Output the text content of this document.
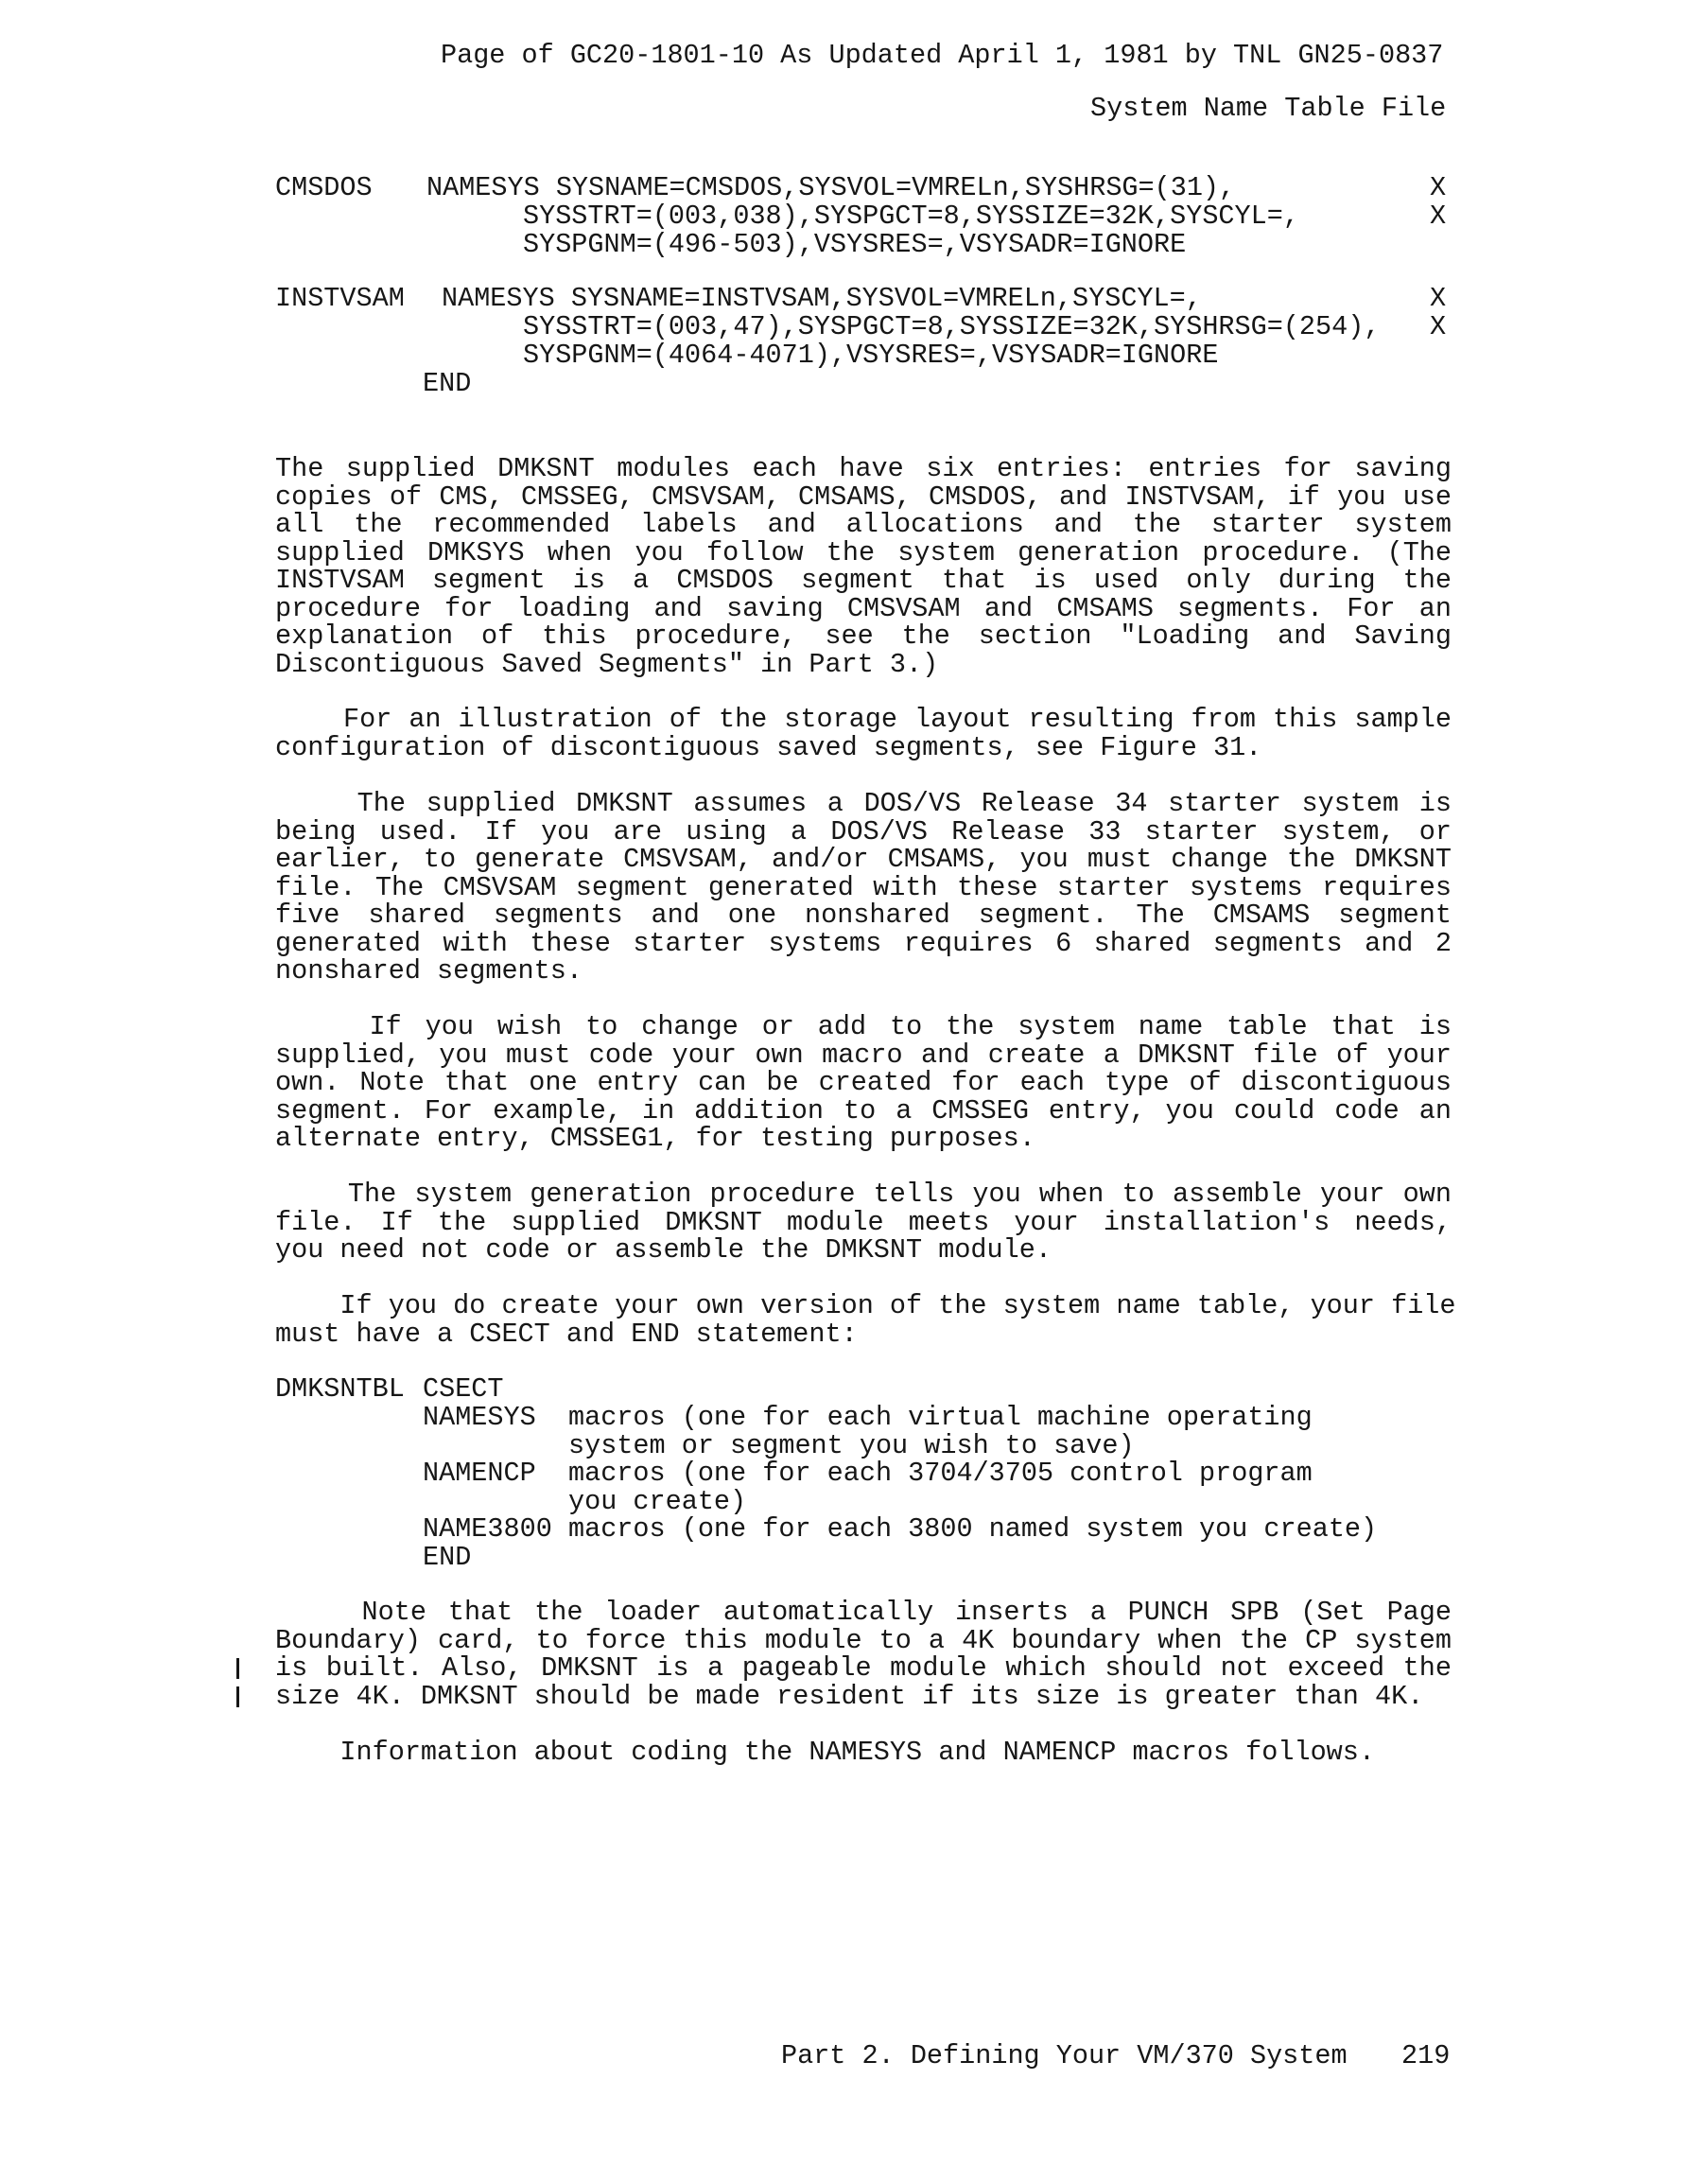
Page of GC20-1801-10 As Updated April 1, 1981 by TNL GN25-0837
System Name Table File
CMSDOS NAMESYS SYSNAME=CMSDOS,SYSVOL=VMRELn,SYSHRSG=(31),
SYSSTRT=(003,038),SYSPGCT=8,SYSSIZE=32K,SYSCYL=,
SYSPGNM=(496-503),VSYSRES=,VSYSADR=IGNORE
X
X
INSTVSAM NAMESYS SYSNAME=INSTVSAM,SYSVOL=VMRELn,SYSCYL=,
SYSSTRT=(003,47),SYSPGCT=8,SYSSIZE=32K,SYSHRSG=(254),
SYSPGNM=(4064-4071),VSYSRES=,VSYSADR=IGNORE
X
X
END
The supplied DMKSNT modules each have six entries: entries for saving
copies of CMS, CMSSEG, CMSVSAM, CMSAMS, CMSDOS, and INSTVSAM, if you use
all the recommended labels and allocations and the starter system
supplied DMKSYS when you follow the system generation procedure. (The
INSTVSAM segment is a CMSDOS segment that is used only during the
procedure for loading and saving CMSVSAM and CMSAMS segments. For an
explanation of this procedure, see the section "Loading and Saving
Discontiguous Saved Segments" in Part 3.)
For an illustration of the storage layout resulting from this sample
configuration of discontiguous saved segments, see Figure 31.
The supplied DMKSNT assumes a DOS/VS Release 34 starter system is
being used. If you are using a DOS/VS Release 33 starter system, or
earlier, to generate CMSVSAM, and/or CMSAMS, you must change the DMKSNT
file. The CMSVSAM segment generated with these starter systems requires
five shared segments and one nonshared segment. The CMSAMS segment
generated with these starter systems requires 6 shared segments and 2
nonshared segments.
If you wish to change or add to the system name table that is
supplied, you must code your own macro and create a DMKSNT file of your
own. Note that one entry can be created for each type of discontiguous
segment. For example, in addition to a CMSSEG entry, you could code an
alternate entry, CMSSEG1, for testing purposes.
The system generation procedure tells you when to assemble your own
file. If the supplied DMKSNT module meets your installation's needs,
you need not code or assemble the DMKSNT module.
If you do create your own version of the system name table, your file
must have a CSECT and END statement:
DMKSNTBL CSECT
NAMESYS macros (one for each virtual machine operating
system or segment you wish to save)
NAMENCP macros (one for each 3704/3705 control program
you create)
NAME3800 macros (one for each 3800 named system you create)
END
Note that the loader automatically inserts a PUNCH SPB (Set Page
Boundary) card, to force this module to a 4K boundary when the CP system
is built. Also, DMKSNT is a pageable module which should not exceed the
size 4K. DMKSNT should be made resident if its size is greater than 4K.
Information about coding the NAMESYS and NAMENCP macros follows.
Part 2. Defining Your VM/370 System 219
